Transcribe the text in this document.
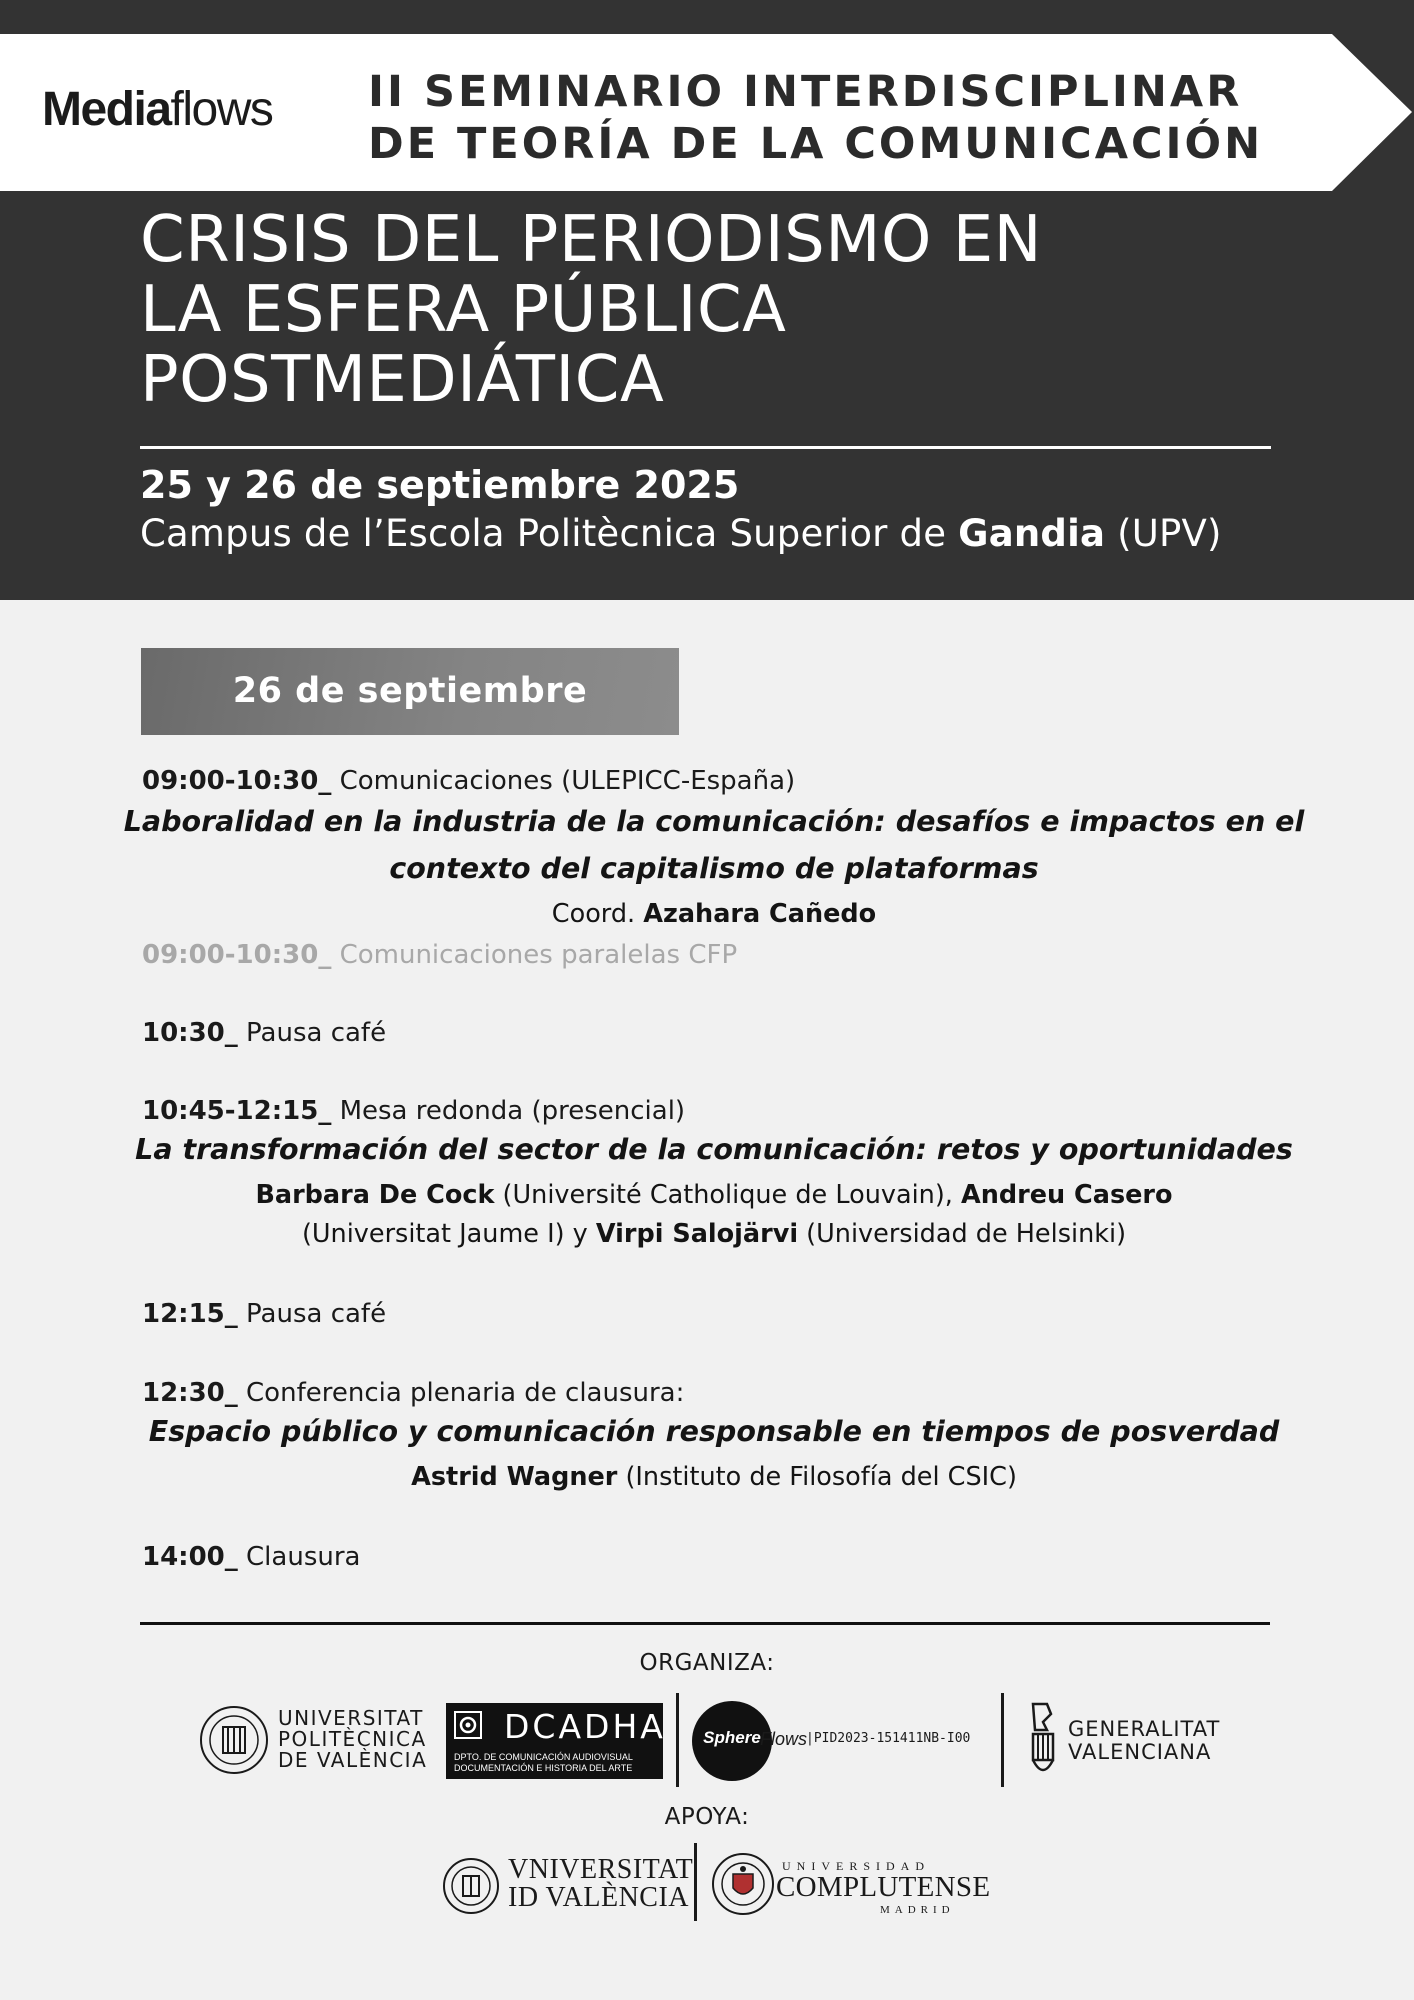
Mediaflows II SEMINARIO INTERDISCIPLINAR
DE TEORÍA DE LA COMUNICACIÓN
CRISIS DEL PERIODISMO EN
LA ESFERA PÚBLICA
POSTMEDIÁTICA
25 y 26 de septiembre 2025
Campus de l’Escola Politècnica Superior de Gandia (UPV)
26 de septiembre
09:00-10:30_ Comunicaciones (ULEPICC-España)
Laboralidad en la industria de la comunicación: desafíos e impactos en el
contexto del capitalismo de plataformas
Coord. Azahara Cañedo
09:00-10:30_ Comunicaciones paralelas CFP
10:30_ Pausa café
10:45-12:15_ Mesa redonda (presencial)
La transformación del sector de la comunicación: retos y oportunidades
Barbara De Cock (Université Catholique de Louvain), Andreu Casero
(Universitat Jaume I) y Virpi Salojärvi (Universidad de Helsinki)
12:15_ Pausa café
12:30_ Conferencia plenaria de clausura:
Espacio público y comunicación responsable en tiempos de posverdad
Astrid Wagner (Instituto de Filosofía del CSIC)
14:00_ Clausura
ORGANIZA:
UNIVERSITAT
POLITÈCNICA
DE VALÈNCIA
DCADHA
DPTO. DE COMUNICACIÓN AUDIOVISUAL
DOCUMENTACIÓN E HISTORIA DEL ARTE
Sphere Flows
|PID2023-151411NB-I00	GENERALITAT
VALENCIANA
APOYA:
VNIVERSITAT
ID VALÈNCIA
UNIVERSIDAD
COMPLUTENSE
MADRID
